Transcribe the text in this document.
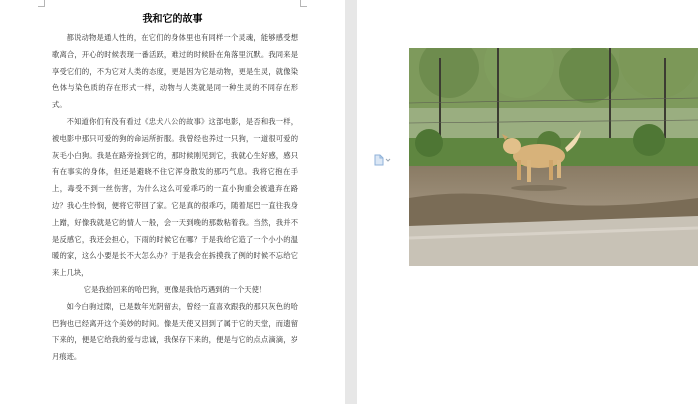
我和它的故事

都说动物是通人性的，在它们的身体里也有同样一个灵魂，能够感受想歌离合，开心的时候表现一番活跃，难过的时候卧在角落里沉默。我同来是享受它们的，不为它对人类的态度，更是因为它是动物，更是生灵，就像染色体与染色质的存在形式一样，动物与人类就是同一种生灵的不同存在形式。

不知道你们有没有看过《忠犬八公的故事》这部电影，是否和我一样，被电影中那只可爱的狗的命运所折服。我曾经也养过一只狗，一道很可爱的灰毛小白狗。我是在路旁捡到它的，那时候刚见到它，我就心生好感，感只有在事实的身体，但还是避晓不住它浑身散发的那巧气息。我将它抱在手上，毒受不到一丝伤害，为什么这么可爱乖巧的一直小狗重会被遗弃在路边？我心生怜悯，便将它带回了家。它是真的很乖巧，随着尾巴一直往我身上蹭，好像我就是它的情人一般，会一天到晚的那数粘着我。当然，我并不是反感它，我还会担心，下雨的时候它在哪？于是我给它造了一个小小的温暖的家，这么小要是长不大怎么办？于是我会在拆摸我了例的时候不忘给它来上几块，

它是我拾回来的哈巴狗，更像是我恰巧遇到的一个天使！

如今白驹过隙，已是数年光阴留去，曾经一直喜欢跟我的那只灰色的哈巴狗也已经离开这个美妙的时间。像是天使又回到了属于它的天堂，而遗留下来的，便是它给我的爱与忠诚，我保存下来的，便是与它的点点滴滴，岁月痕迹。
